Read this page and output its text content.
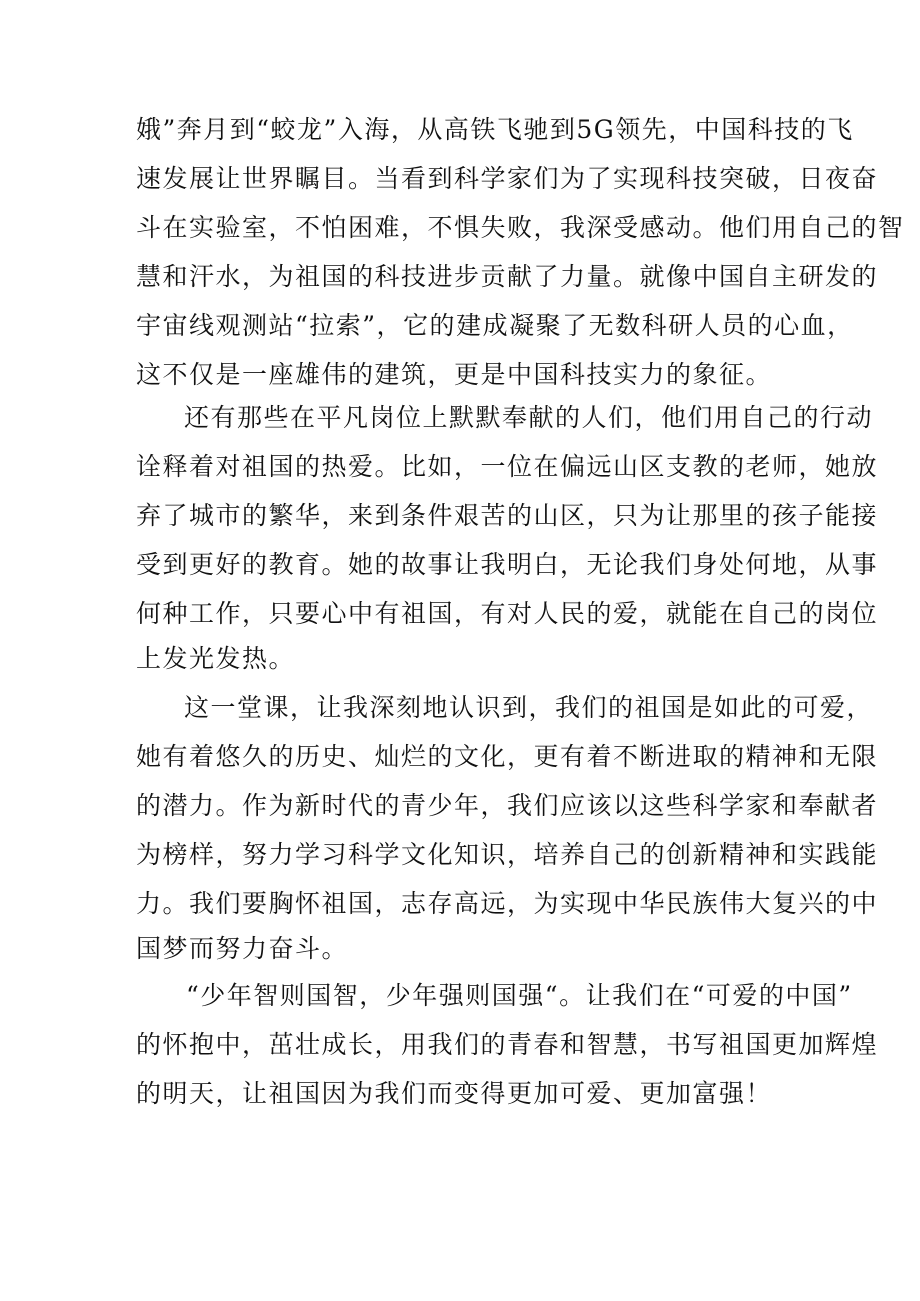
娥”奔月到“蛟龙”入海，从高铁飞驰到5G领先，中国科技的飞
速发展让世界瞩目。当看到科学家们为了实现科技突破，日夜奋
斗在实验室，不怕困难，不惧失败，我深受感动。他们用自己的智
慧和汗水，为祖国的科技进步贡献了力量。就像中国自主研发的
宇宙线观测站“拉索”，它的建成凝聚了无数科研人员的心血，
这不仅是一座雄伟的建筑，更是中国科技实力的象征。
还有那些在平凡岗位上默默奉献的人们，他们用自己的行动
诠释着对祖国的热爱。比如，一位在偏远山区支教的老师，她放
弃了城市的繁华，来到条件艰苦的山区，只为让那里的孩子能接
受到更好的教育。她的故事让我明白，无论我们身处何地，从事
何种工作，只要心中有祖国，有对人民的爱，就能在自己的岗位
上发光发热。
这一堂课，让我深刻地认识到，我们的祖国是如此的可爱，
她有着悠久的历史、灿烂的文化，更有着不断进取的精神和无限
的潜力。作为新时代的青少年，我们应该以这些科学家和奉献者
为榜样，努力学习科学文化知识，培养自己的创新精神和实践能
力。我们要胸怀祖国，志存高远，为实现中华民族伟大复兴的中
国梦而努力奋斗。
“少年智则国智，少年强则国强“。让我们在“可爱的中国”
的怀抱中，茁壮成长，用我们的青春和智慧，书写祖国更加辉煌
的明天，让祖国因为我们而变得更加可爱、更加富强！
